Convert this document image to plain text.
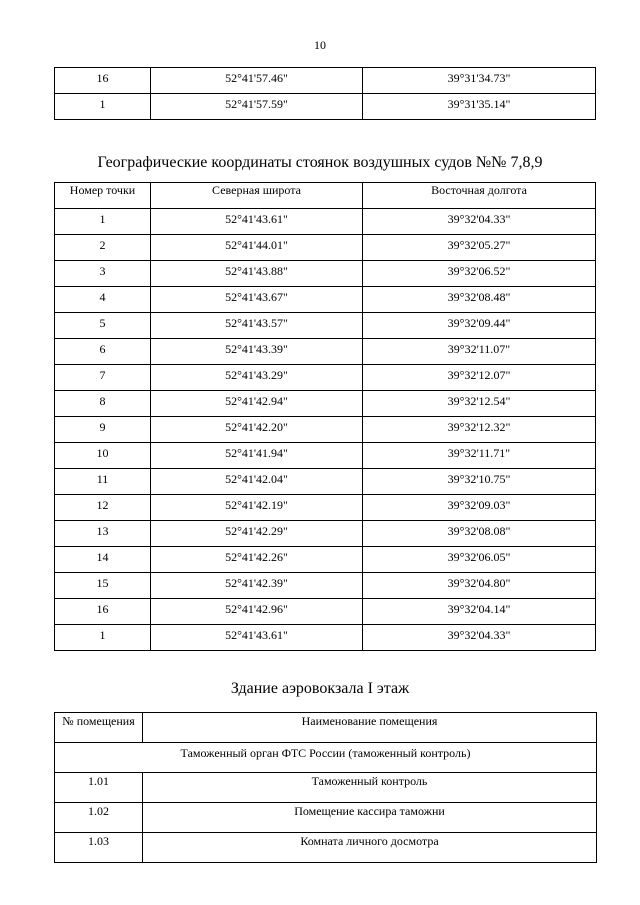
10
16	52°41'57.46"	39°31'34.73"
1	52°41'57.59"	39°31'35.14"
Географические координаты стоянок воздушных судов №№ 7,8,9
Номер точки	Северная широта	Восточная долгота
1	52°41'43.61"	39°32'04.33"
2	52°41'44.01"	39°32'05.27"
3	52°41'43.88"	39°32'06.52"
4	52°41'43.67"	39°32'08.48"
5	52°41'43.57"	39°32'09.44"
6	52°41'43.39"	39°32'11.07"
7	52°41'43.29"	39°32'12.07"
8	52°41'42.94"	39°32'12.54"
9	52°41'42.20"	39°32'12.32"
10	52°41'41.94"	39°32'11.71"
11	52°41'42.04"	39°32'10.75"
12	52°41'42.19"	39°32'09.03"
13	52°41'42.29"	39°32'08.08"
14	52°41'42.26"	39°32'06.05"
15	52°41'42.39"	39°32'04.80"
16	52°41'42.96"	39°32'04.14"
1	52°41'43.61"	39°32'04.33"
Здание аэровокзала I этаж
№ помещения	Наименование помещения
Таможенный орган ФТС России (таможенный контроль)	
1.01	Таможенный контроль
1.02	Помещение кассира таможни
1.03	Комната личного досмотра
